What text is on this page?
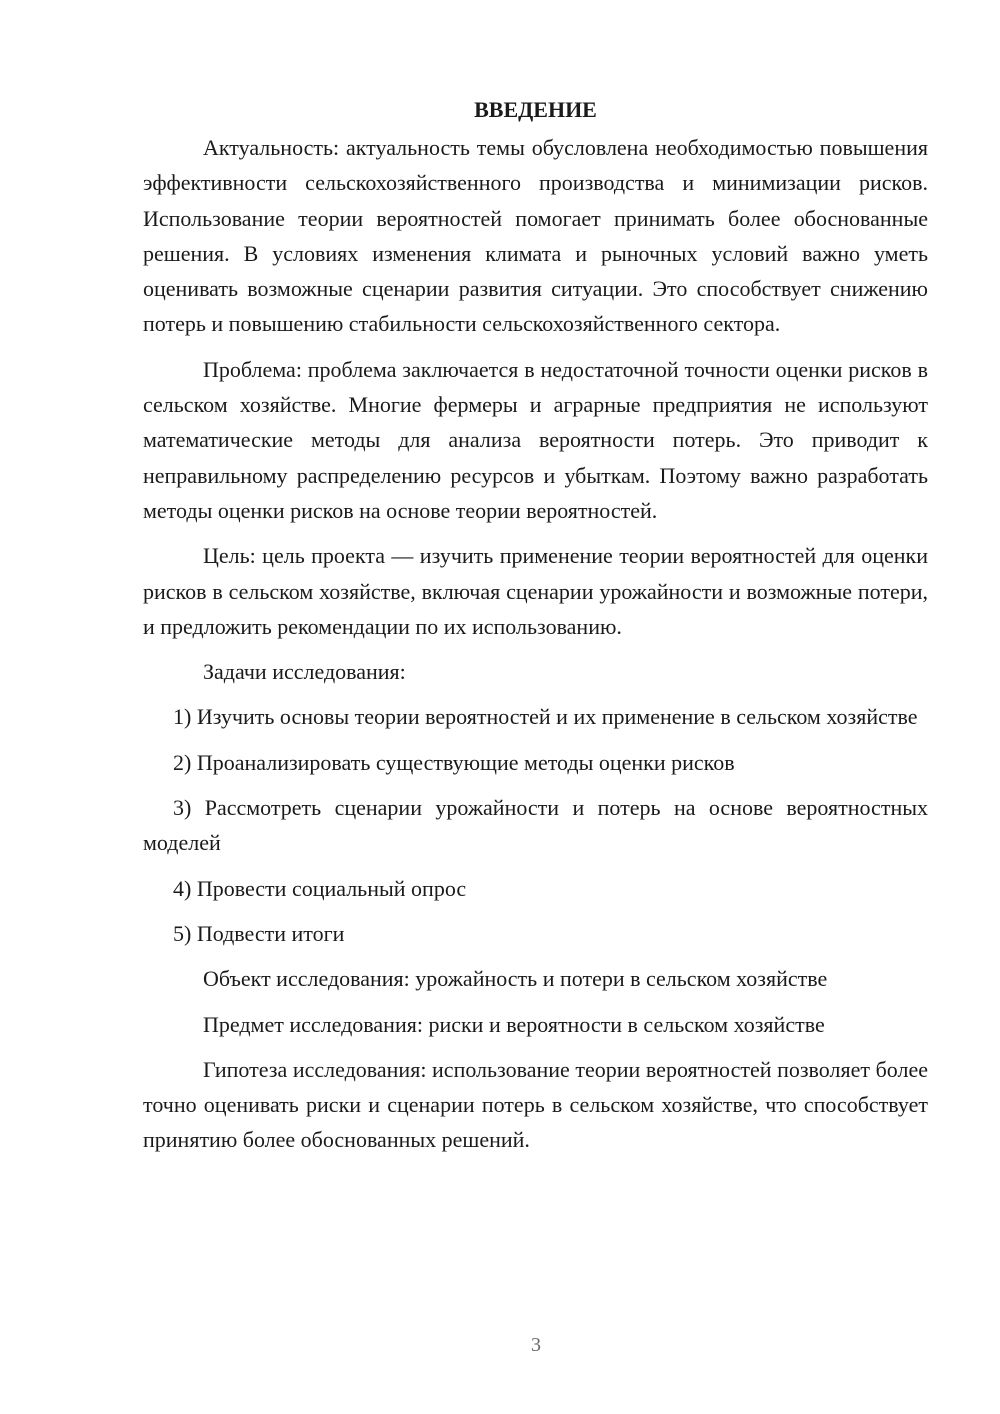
ВВЕДЕНИЕ
Актуальность: актуальность темы обусловлена необходимостью повышения эффективности сельскохозяйственного производства и минимизации рисков. Использование теории вероятностей помогает принимать более обоснованные решения. В условиях изменения климата и рыночных условий важно уметь оценивать возможные сценарии развития ситуации. Это способствует снижению потерь и повышению стабильности сельскохозяйственного сектора.
Проблема: проблема заключается в недостаточной точности оценки рисков в сельском хозяйстве. Многие фермеры и аграрные предприятия не используют математические методы для анализа вероятности потерь. Это приводит к неправильному распределению ресурсов и убыткам. Поэтому важно разработать методы оценки рисков на основе теории вероятностей.
Цель: цель проекта — изучить применение теории вероятностей для оценки рисков в сельском хозяйстве, включая сценарии урожайности и возможные потери, и предложить рекомендации по их использованию.
Задачи исследования:
1) Изучить основы теории вероятностей и их применение в сельском хозяйстве
2) Проанализировать существующие методы оценки рисков
3) Рассмотреть сценарии урожайности и потерь на основе вероятностных моделей
4) Провести социальный опрос
5) Подвести итоги
Объект исследования: урожайность и потери в сельском хозяйстве
Предмет исследования: риски и вероятности в сельском хозяйстве
Гипотеза исследования: использование теории вероятностей позволяет более точно оценивать риски и сценарии потерь в сельском хозяйстве, что способствует принятию более обоснованных решений.
3
